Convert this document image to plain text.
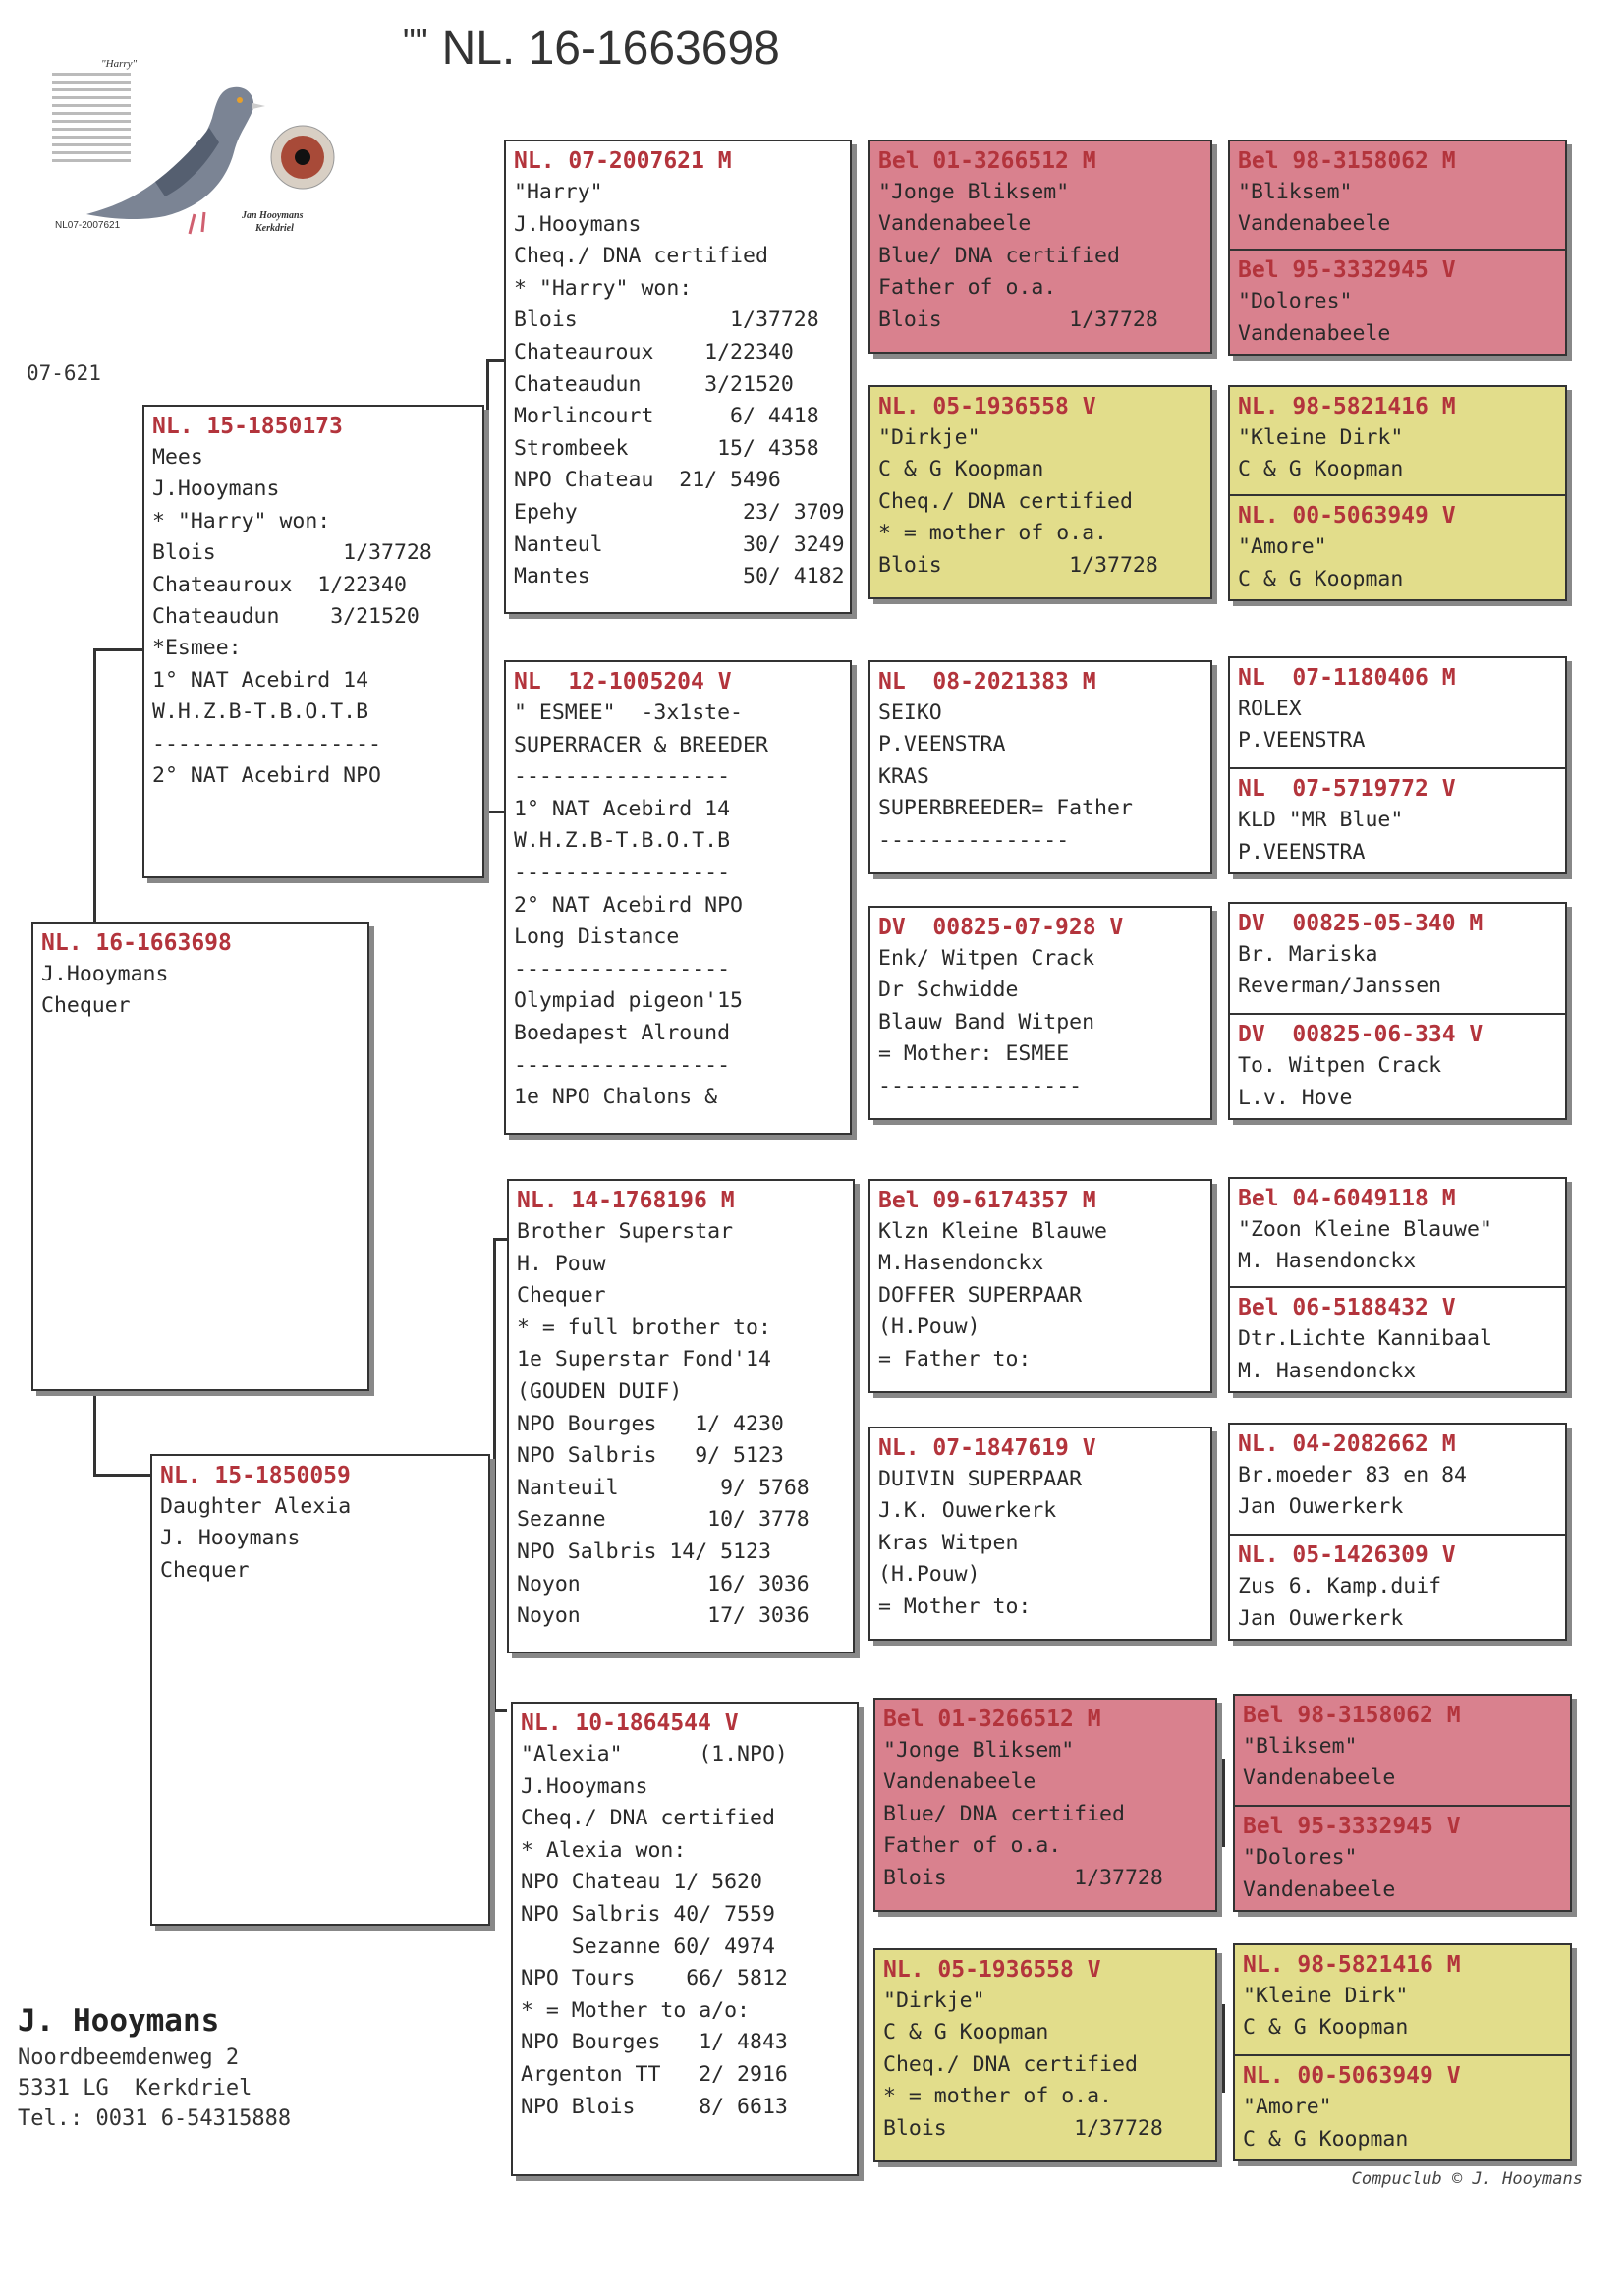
"" NL. 16-1663698
"Harry"
NL07-2007621
Jan Hooymans
Kerkdriel
07-621
NL. 16-1663698
J.Hooymans
Chequer
NL. 15-1850173
Mees
J.Hooymans
* "Harry" won:
Blois          1/37728
Chateauroux  1/22340
Chateaudun    3/21520
*Esmee:
1° NAT Acebird 14
W.H.Z.B-T.B.O.T.B
------------------
2° NAT Acebird NPO
NL. 15-1850059
Daughter Alexia
J. Hooymans
Chequer
NL. 07-2007621 M
"Harry"
J.Hooymans
Cheq./ DNA certified
* "Harry" won:
Blois            1/37728
Chateauroux    1/22340
Chateaudun     3/21520
Morlincourt      6/ 4418
Strombeek       15/ 4358
NPO Chateau  21/ 5496
Epehy             23/ 3709
Nanteul           30/ 3249
Mantes            50/ 4182
NL  12-1005204 V
" ESMEE"  -3x1ste-
SUPERRACER & BREEDER
-----------------
1° NAT Acebird 14
W.H.Z.B-T.B.O.T.B
-----------------
2° NAT Acebird NPO
Long Distance
-----------------
Olympiad pigeon'15
Boedapest Alround
-----------------
1e NPO Chalons &
NL. 14-1768196 M
Brother Superstar
H. Pouw
Chequer
* = full brother to:
1e Superstar Fond'14
(GOUDEN DUIF)
NPO Bourges   1/ 4230
NPO Salbris   9/ 5123
Nanteuil        9/ 5768
Sezanne        10/ 3778
NPO Salbris 14/ 5123
Noyon          16/ 3036
Noyon          17/ 3036
NL. 10-1864544 V
"Alexia"      (1.NPO)
J.Hooymans
Cheq./ DNA certified
* Alexia won:
NPO Chateau 1/ 5620
NPO Salbris 40/ 7559
Sezanne 60/ 4974
NPO Tours    66/ 5812
* = Mother to a/o:
NPO Bourges   1/ 4843
Argenton TT   2/ 2916
NPO Blois     8/ 6613
Bel 01-3266512 M
"Jonge Bliksem"
Vandenabeele
Blue/ DNA certified
Father of o.a.
Blois          1/37728
NL. 05-1936558 V
"Dirkje"
C & G Koopman
Cheq./ DNA certified
* = mother of o.a.
Blois          1/37728
NL  08-2021383 M
SEIKO
P.VEENSTRA
KRAS
SUPERBREEDER= Father
---------------
DV  00825-07-928 V
Enk/ Witpen Crack
Dr Schwidde
Blauw Band Witpen
= Mother: ESMEE
----------------
Bel 09-6174357 M
Klzn Kleine Blauwe
M.Hasendonckx
DOFFER SUPERPAAR
(H.Pouw)
= Father to:
NL. 07-1847619 V
DUIVIN SUPERPAAR
J.K. Ouwerkerk
Kras Witpen
(H.Pouw)
= Mother to:
Bel 01-3266512 M
"Jonge Bliksem"
Vandenabeele
Blue/ DNA certified
Father of o.a.
Blois          1/37728
NL. 05-1936558 V
"Dirkje"
C & G Koopman
Cheq./ DNA certified
* = mother of o.a.
Blois          1/37728
Bel 98-3158062 M
"Bliksem"
Vandenabeele
Bel 95-3332945 V
"Dolores"
Vandenabeele
NL. 98-5821416 M
"Kleine Dirk"
C & G Koopman
NL. 00-5063949 V
"Amore"
C & G Koopman
NL  07-1180406 M
ROLEX
P.VEENSTRA
NL  07-5719772 V
KLD "MR Blue"
P.VEENSTRA
DV  00825-05-340 M
Br. Mariska
Reverman/Janssen
DV  00825-06-334 V
To. Witpen Crack
L.v. Hove
Bel 04-6049118 M
"Zoon Kleine Blauwe"
M. Hasendonckx
Bel 06-5188432 V
Dtr.Lichte Kannibaal
M. Hasendonckx
NL. 04-2082662 M
Br.moeder 83 en 84
Jan Ouwerkerk
NL. 05-1426309 V
Zus 6. Kamp.duif
Jan Ouwerkerk
Bel 98-3158062 M
"Bliksem"
Vandenabeele
Bel 95-3332945 V
"Dolores"
Vandenabeele
NL. 98-5821416 M
"Kleine Dirk"
C & G Koopman
NL. 00-5063949 V
"Amore"
C & G Koopman
J. Hooymans
Noordbeemdenweg 2
5331 LG  Kerkdriel
Tel.: 0031 6-54315888
Compuclub © J. Hooymans
